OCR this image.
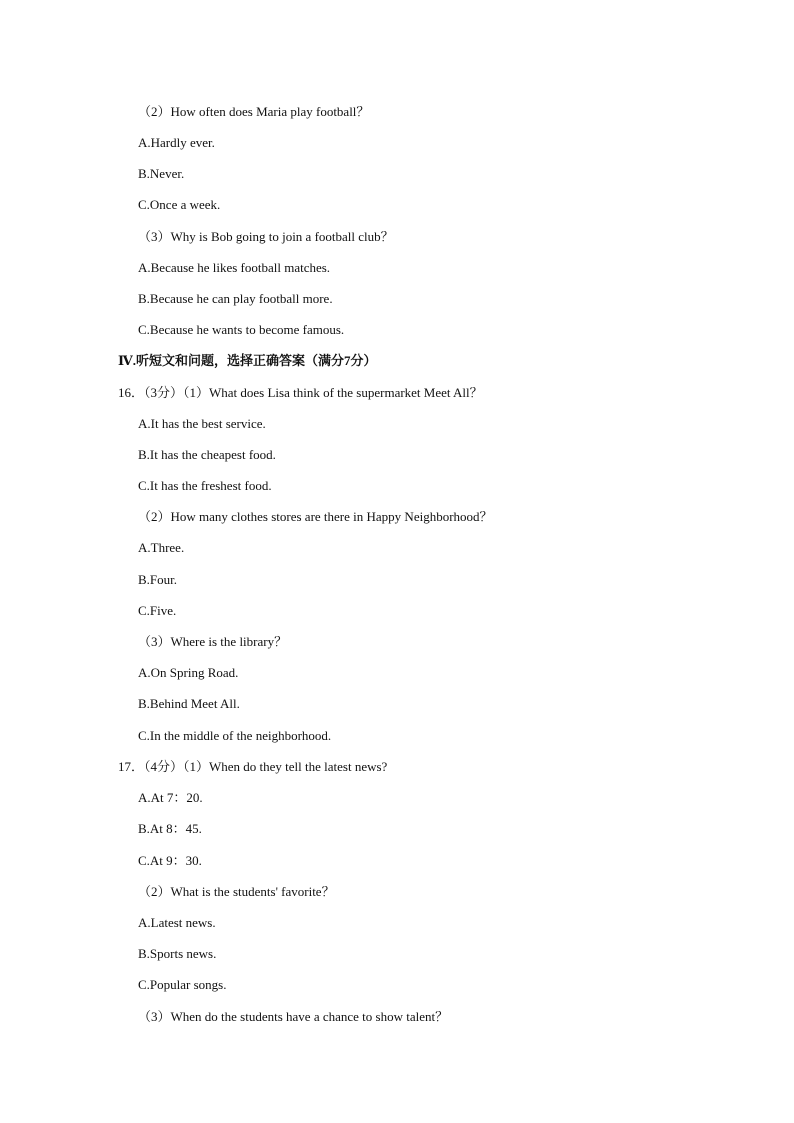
（2）How often does Maria play football？
A.Hardly ever.
B.Never.
C.Once a week.
（3）Why is Bob going to join a football club？
A.Because he likes football matches.
B.Because he can play football more.
C.Because he wants to become famous.
Ⅳ.听短文和问题，选择正确答案（满分7分）
16．（3分）（1）What does Lisa think of the supermarket Meet All？
A.It has the best service.
B.It has the cheapest food.
C.It has the freshest food.
（2）How many clothes stores are there in Happy Neighborhood？
A.Three.
B.Four.
C.Five.
（3）Where is the library？
A.On Spring Road.
B.Behind Meet All.
C.In the middle of the neighborhood.
17．（4分）（1）When do they tell the latest news?
A.At 7：20.
B.At 8：45.
C.At 9：30.
（2）What is the students' favorite？
A.Latest news.
B.Sports news.
C.Popular songs.
（3）When do the students have a chance to show talent？
